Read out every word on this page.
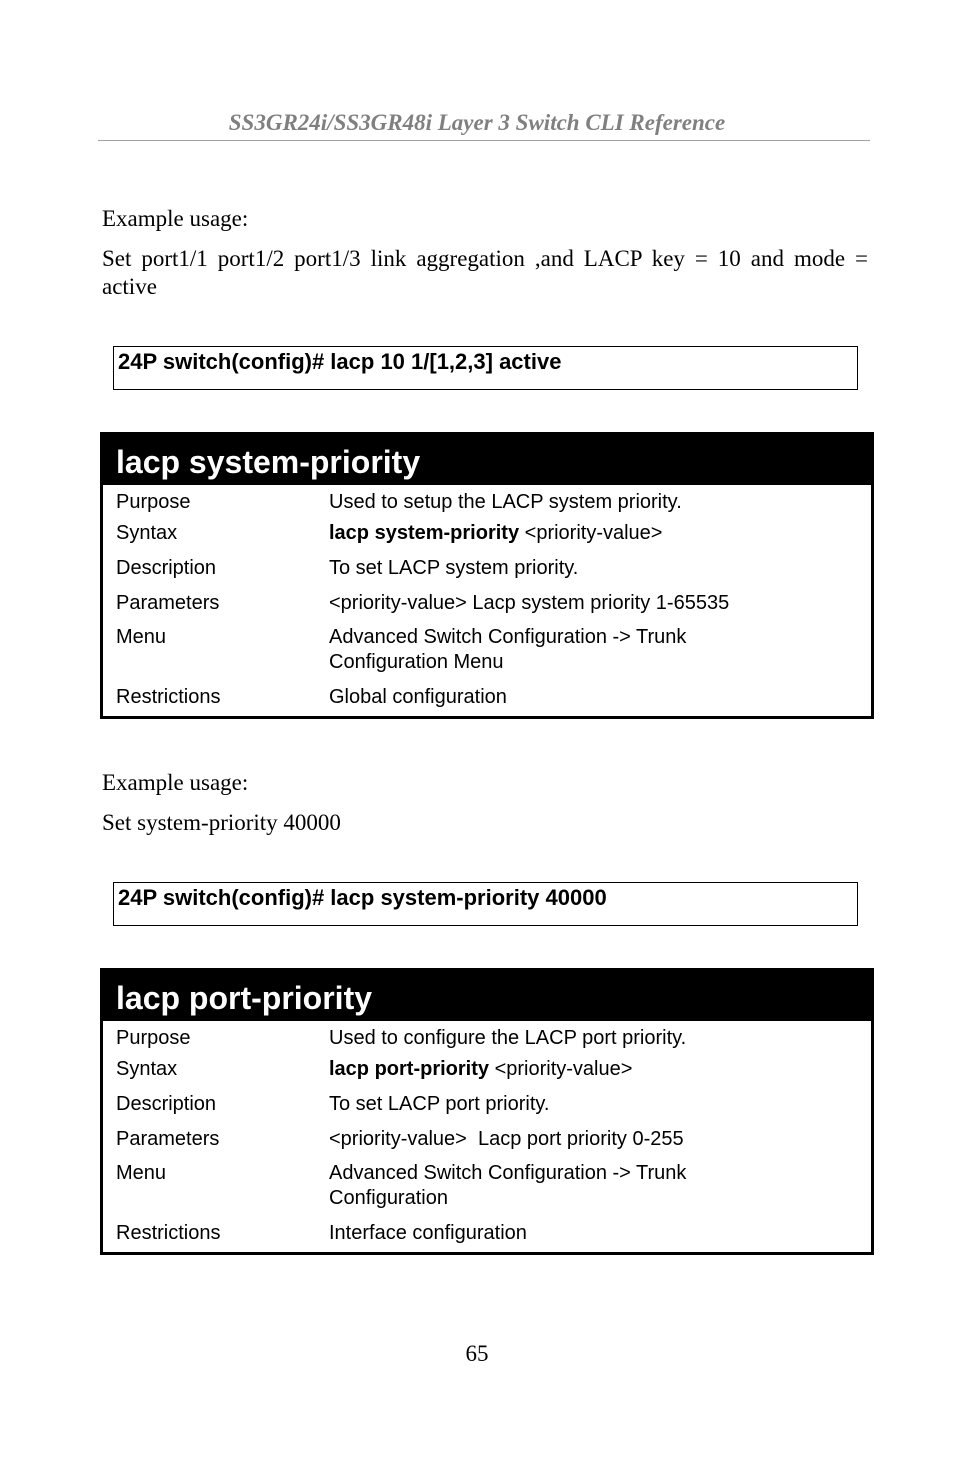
SS3GR24i/SS3GR48i Layer 3 Switch CLI Reference
Example usage:
Set port1/1 port1/2 port1/3 link aggregation ,and LACP key = 10 and mode = active
24P switch(config)# lacp 10 1/[1,2,3] active
lacp system-priority
Purpose	Used to setup the LACP system priority.
Syntax	lacp system-priority <priority-value>
Description	To set LACP system priority.
Parameters	<priority-value> Lacp system priority 1-65535
Menu	Advanced Switch Configuration -> Trunk
Configuration Menu
Restrictions	Global configuration
Example usage:
Set system-priority 40000
24P switch(config)# lacp system-priority 40000
lacp port-priority
Purpose	Used to configure the LACP port priority.
Syntax	lacp port-priority <priority-value>
Description	To set LACP port priority.
Parameters	<priority-value>  Lacp port priority 0-255
Menu	Advanced Switch Configuration -> Trunk
Configuration
Restrictions	Interface configuration
65
